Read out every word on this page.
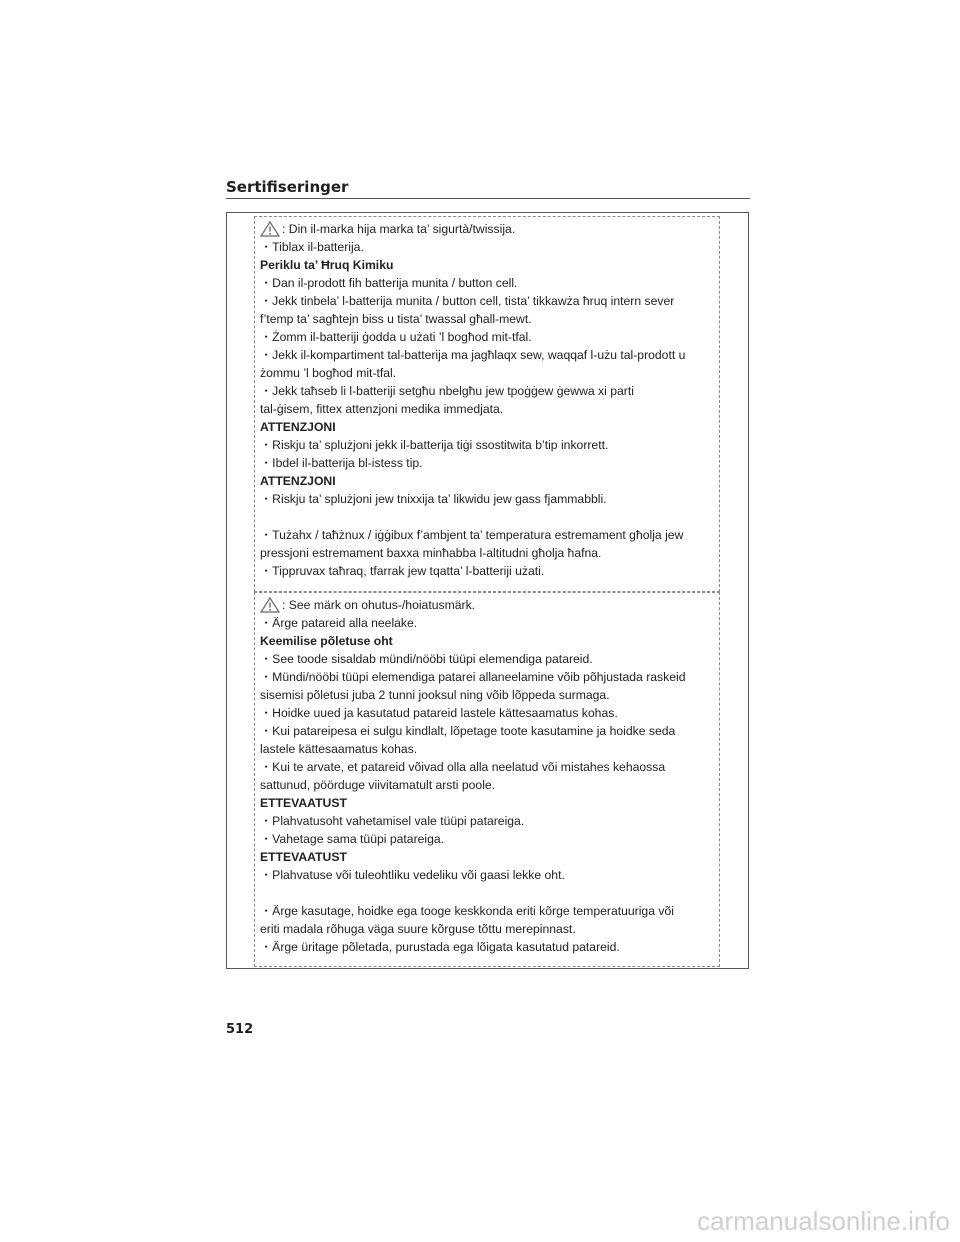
Sertifiseringer
: Din il-marka hija marka ta’ sigurtà/twissija.
・Tiblax il-batterija.
Periklu ta’ Ħruq Kimiku
・Dan il-prodott fih batterija munita / button cell.
・Jekk tinbela’ l-batterija munita / button cell, tista’ tikkawża ħruq intern sever
f’temp ta’ sagħtejn biss u tista’ twassal għall-mewt.
・Żomm il-batteriji ġodda u użati ’l bogħod mit-tfal.
・Jekk il-kompartiment tal-batterija ma jagħlaqx sew, waqqaf l-użu tal-prodott u
żommu ’l bogħod mit-tfal.
・Jekk taħseb li l-batteriji setgħu nbelgħu jew tpoġġew ġewwa xi parti
tal-ġisem, fittex attenzjoni medika immedjata.
ATTENZJONI
・Riskju ta’ splużjoni jekk il-batterija tiġi ssostitwita b’tip inkorrett.
・Ibdel il-batterija bl-istess tip.
ATTENZJONI
・Riskju ta’ splużjoni jew tnixxija ta’ likwidu jew gass fjammabbli.
・Tużahx / taħżnux / iġġibux f’ambjent ta’ temperatura estremament għolja jew
pressjoni estremament baxxa minħabba l-altitudni għolja ħafna.
・Tippruvax taħraq, tfarrak jew tqatta’ l-batteriji użati.
: See märk on ohutus-/hoiatusmärk.
・Ärge patareid alla neelake.
Keemilise põletuse oht
・See toode sisaldab mündi/nööbi tüüpi elemendiga patareid.
・Mündi/nööbi tüüpi elemendiga patarei allaneelamine võib põhjustada raskeid
sisemisi põletusi juba 2 tunni jooksul ning võib lõppeda surmaga.
・Hoidke uued ja kasutatud patareid lastele kättesaamatus kohas.
・Kui patareipesa ei sulgu kindlalt, lõpetage toote kasutamine ja hoidke seda
lastele kättesaamatus kohas.
・Kui te arvate, et patareid võivad olla alla neelatud või mistahes kehaossa
sattunud, pöörduge viivitamatult arsti poole.
ETTEVAATUST
・Plahvatusoht vahetamisel vale tüüpi patareiga.
・Vahetage sama tüüpi patareiga.
ETTEVAATUST
・Plahvatuse või tuleohtliku vedeliku või gaasi lekke oht.
・Ärge kasutage, hoidke ega tooge keskkonda eriti kõrge temperatuuriga või
eriti madala rõhuga väga suure kõrguse tõttu merepinnast.
・Ärge üritage põletada, purustada ega lõigata kasutatud patareid.
512
carmanualsonline.info
